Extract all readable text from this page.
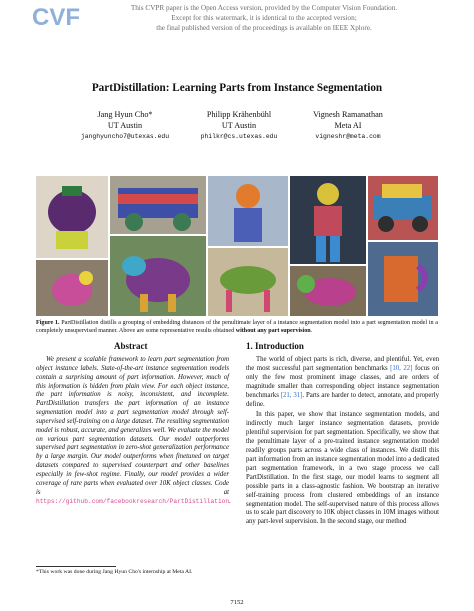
CVF	This CVPR paper is the Open Access version, provided by the Computer Vision Foundation.
Except for this watermark, it is identical to the accepted version;
the final published version of the proceedings is available on IEEE Xplore.
PartDistillation: Learning Parts from Instance Segmentation
Jang Hyun Cho*
UT Austin
janghyuncho7@utexas.edu
Philipp Krähenbühl
UT Austin
philkr@cs.utexas.edu
Vignesh Ramanathan
Meta AI
vigneshr@meta.com
Figure 1. PartDistillation distills a grouping of embedding distances of the penultimate layer of a instance segmentation model into a part segmentation model in a completely unsupervised manner. Above are some representative results obtained without any part supervision.
Abstract
We present a scalable framework to learn part segmentation from object instance labels. State-of-the-art instance segmentation models contain a surprising amount of part information. However, much of this information is hidden from plain view. For each object instance, the part information is noisy, inconsistent, and incomplete. PartDistillation transfers the part information of an instance segmentation model into a part segmentation model through self-supervised self-training on a large dataset. The resulting segmentation model is robust, accurate, and generalizes well. We evaluate the model on various part segmentation datasets. Our model outperforms supervised part segmentation in zero-shot generalization performance by a large margin. Our model outperforms when finetuned on target datasets compared to supervised counterpart and other baselines especially in few-shot regime. Finally, our model provides a wider coverage of rare parts when evaluated over 10K object classes. Code is at https://github.com/facebookresearch/PartDistillation.
1. Introduction

The world of object parts is rich, diverse, and plentiful. Yet, even the most successful part segmentation benchmarks [10, 22] focus on only the few most prominent image classes, and are orders of magnitude smaller than corresponding object instance segmentation benchmarks [21, 31]. Parts are harder to detect, annotate, and properly define.

In this paper, we show that instance segmentation models, and indirectly much larger instance segmentation datasets, provide plentiful supervision for part segmentation. Specifically, we show that the penultimate layer of a pre-trained instance segmentation model readily groups parts across a wide class of instances. We distill this part information from an instance segmentation model into a dedicated part segmentation framework, in a two stage process we call PartDistillation. In the first stage, our model learns to segment all possible parts in a class-agnostic fashion. We bootstrap an iterative self-training process from clustered embeddings of an instance segmentation model. The self-supervised nature of this process allows us to scale part discovery to 10K object classes in 10M images without any part-level supervision. In the second stage, our method

*This work was done during Jang Hyun Cho's internship at Meta AI.
7152
